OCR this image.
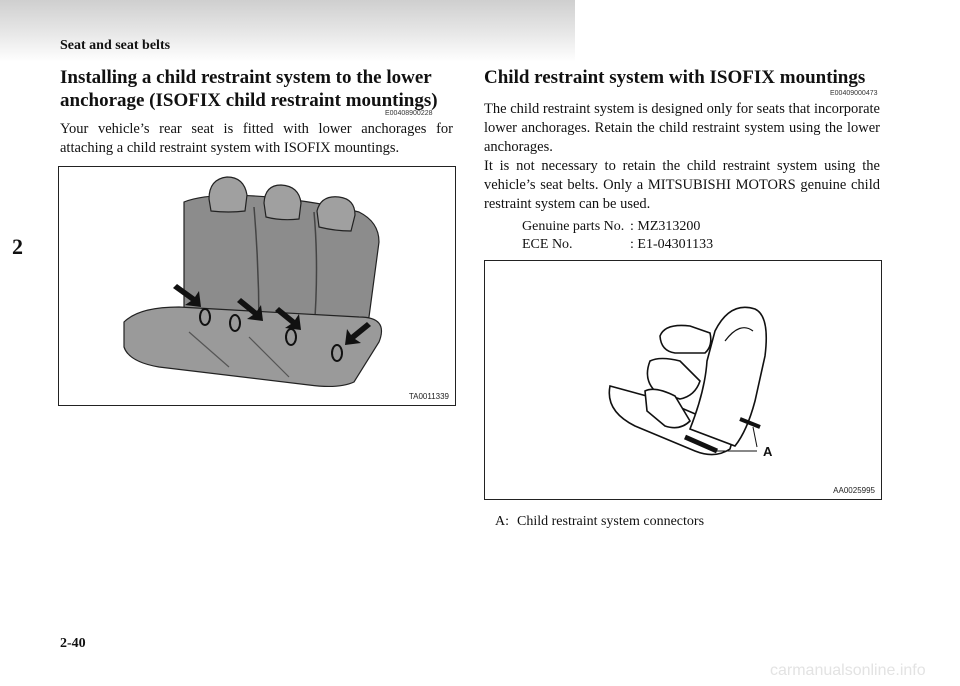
Seat and seat belts
2
Installing a child restraint system to the lower
anchorage (ISOFIX child restraint mountings)
E00408900228

Your vehicle’s rear seat is fitted with lower anchorages for attaching a child restraint system with ISOFIX mountings.

TA0011339
Child restraint system with ISOFIX mountings
E00409000473

The child restraint system is designed only for seats that incorporate lower anchorages. Retain the child restraint system using the lower anchorages.

It is not necessary to retain the child restraint system using the vehicle’s seat belts. Only a MITSUBISHI MOTORS genuine child restraint system can be used.

Genuine parts No. : MZ313200
ECE No.	: E1-04301133
A
AA0025995
A: Child restraint system connectors
2-40
carmanualsonline.info
